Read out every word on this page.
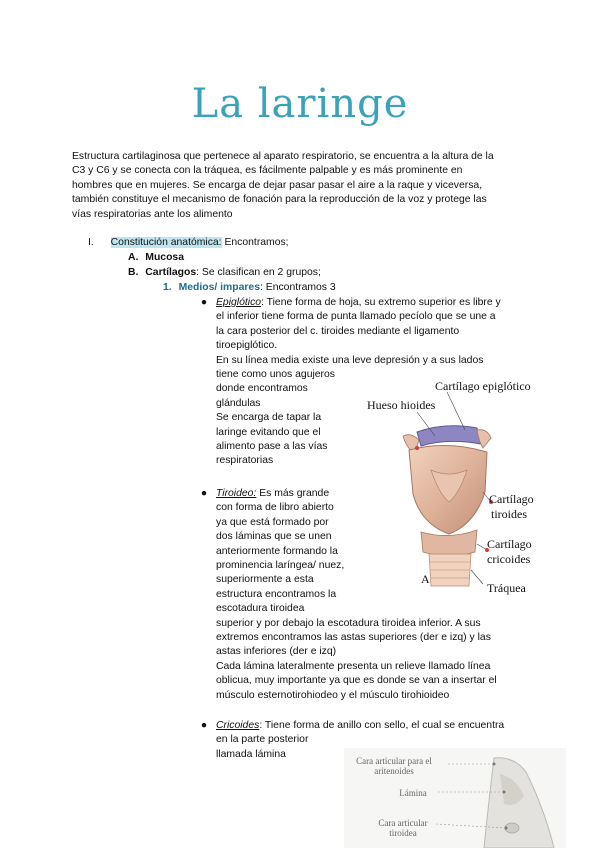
La laringe
Estructura cartilaginosa que pertenece al aparato respiratorio, se encuentra a la altura de la
C3 y C6 y se conecta con la tráquea, es fácilmente palpable y es más prominente en
hombres que en mujeres. Se encarga de dejar pasar pasar el aire a la raque y viceversa,
también constituye el mecanismo de fonación para la reproducción de la voz y protege las
vías respiratorias ante los alimento
I. Constitución anatómica: Encontramos;
A. Mucosa
B. Cartílagos: Se clasifican en 2 grupos;
1. Medios/ impares: Encontramos 3
● Epiglótico: Tiene forma de hoja, su extremo superior es libre y
el inferior tiene forma de punta llamado pecíolo que se une a
la cara posterior del c. tiroides mediante el ligamento
tiroepiglótico.
En su línea media existe una leve depresión y a sus lados
tiene como unos agujeros
donde encontramos
glándulas
Se encarga de tapar la
laringe evitando que el
alimento pase a las vías
respiratorias
● Tiroideo: Es más grande
con forma de libro abierto
ya que está formado por
dos láminas que se unen
anteriormente formando la
prominencia laríngea/ nuez,
superiormente a esta
estructura encontramos la
escotadura tiroidea
superior y por debajo la escotadura tiroidea inferior. A sus
extremos encontramos las astas superiores (der e izq) y las
astas inferiores (der e izq)
Cada lámina lateralmente presenta un relieve llamado línea
oblicua, muy importante ya que es donde se van a insertar el
músculo esternotirohiodeo y el músculo tirohioideo
● Cricoides: Tiene forma de anillo con sello, el cual se encuentra
en la parte posterior
llamada lámina
Cartílago epiglótico
Hueso hioides
Cartílago
tiroides
Cartílago
cricoides
Tráquea
A
Cara articular para el
aritenoides
Lámina
Cara articular
tiroidea
